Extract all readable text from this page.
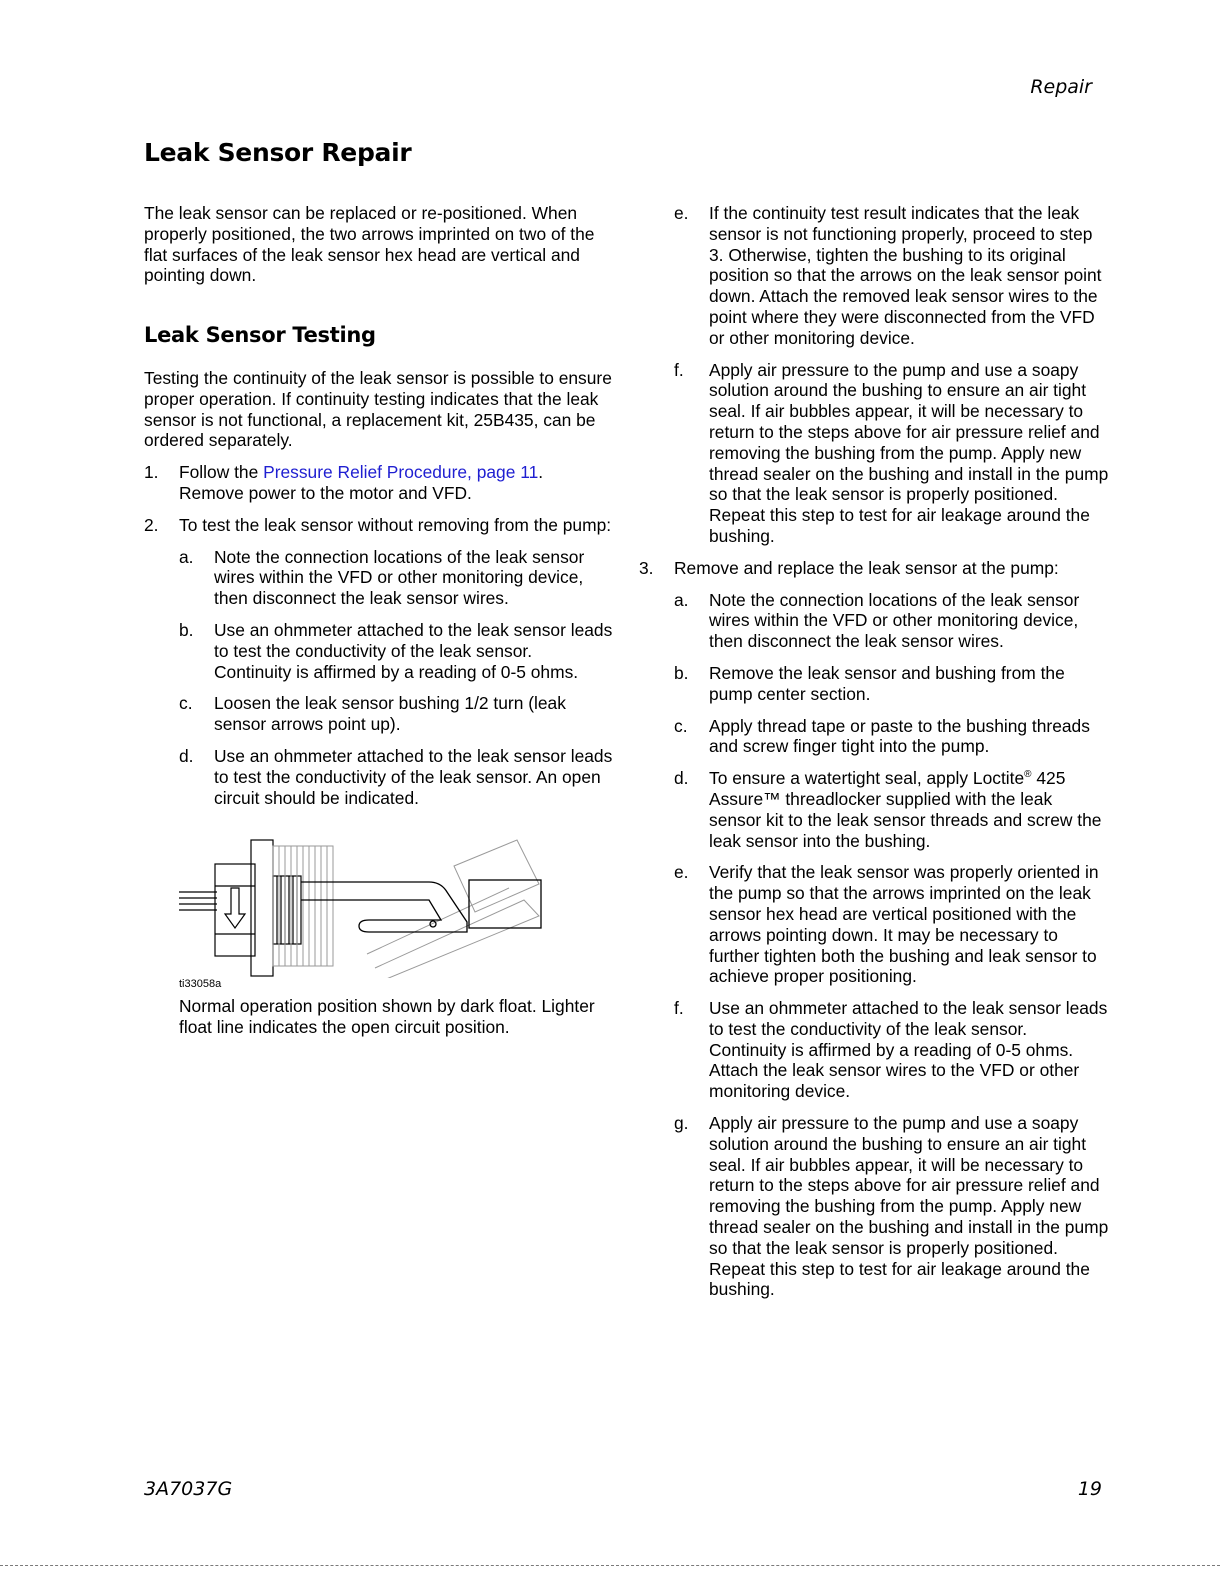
Repair
Leak Sensor Repair

The leak sensor can be replaced or re-positioned. When properly positioned, the two arrows imprinted on two of the flat surfaces of the leak sensor hex head are vertical and pointing down.

Leak Sensor Testing

Testing the continuity of the leak sensor is possible to ensure proper operation. If continuity testing indicates that the leak sensor is not functional, a replacement kit, 25B435, can be ordered separately.

1.	Follow the Pressure Relief Procedure, page 11.
Remove power to the motor and VFD.
2.	To test the leak sensor without removing from the pump:
a.	Note the connection locations of the leak sensor wires within the VFD or other monitoring device, then disconnect the leak sensor wires.
b.	Use an ohmmeter attached to the leak sensor leads to test the conductivity of the leak sensor. Continuity is affirmed by a reading of 0-5 ohms.
c.	Loosen the leak sensor bushing 1/2 turn (leak sensor arrows point up).
d.	Use an ohmmeter attached to the leak sensor leads to test the conductivity of the leak sensor. An open circuit should be indicated.
ti33058a
Normal operation position shown by dark float. Lighter float line indicates the open circuit position.
e.	If the continuity test result indicates that the leak sensor is not functioning properly, proceed to step 3. Otherwise, tighten the bushing to its original position so that the arrows on the leak sensor point down. Attach the removed leak sensor wires to the point where they were disconnected from the VFD or other monitoring device.
f.	Apply air pressure to the pump and use a soapy solution around the bushing to ensure an air tight seal. If air bubbles appear, it will be necessary to return to the steps above for air pressure relief and removing the bushing from the pump. Apply new thread sealer on the bushing and install in the pump so that the leak sensor is properly positioned. Repeat this step to test for air leakage around the bushing.
3.	Remove and replace the leak sensor at the pump:
a.	Note the connection locations of the leak sensor wires within the VFD or other monitoring device, then disconnect the leak sensor wires.
b.	Remove the leak sensor and bushing from the pump center section.
c.	Apply thread tape or paste to the bushing threads and screw finger tight into the pump.
d.	To ensure a watertight seal, apply Loctite® 425 Assure™ threadlocker supplied with the leak sensor kit to the leak sensor threads and screw the leak sensor into the bushing.
e.	Verify that the leak sensor was properly oriented in the pump so that the arrows imprinted on the leak sensor hex head are vertical positioned with the arrows pointing down. It may be necessary to further tighten both the bushing and leak sensor to achieve proper positioning.
f.	Use an ohmmeter attached to the leak sensor leads to test the conductivity of the leak sensor. Continuity is affirmed by a reading of 0-5 ohms. Attach the leak sensor wires to the VFD or other monitoring device.
g.	Apply air pressure to the pump and use a soapy solution around the bushing to ensure an air tight seal. If air bubbles appear, it will be necessary to return to the steps above for air pressure relief and removing the bushing from the pump. Apply new thread sealer on the bushing and install in the pump so that the leak sensor is properly positioned. Repeat this step to test for air leakage around the bushing.
3A7037G	19
